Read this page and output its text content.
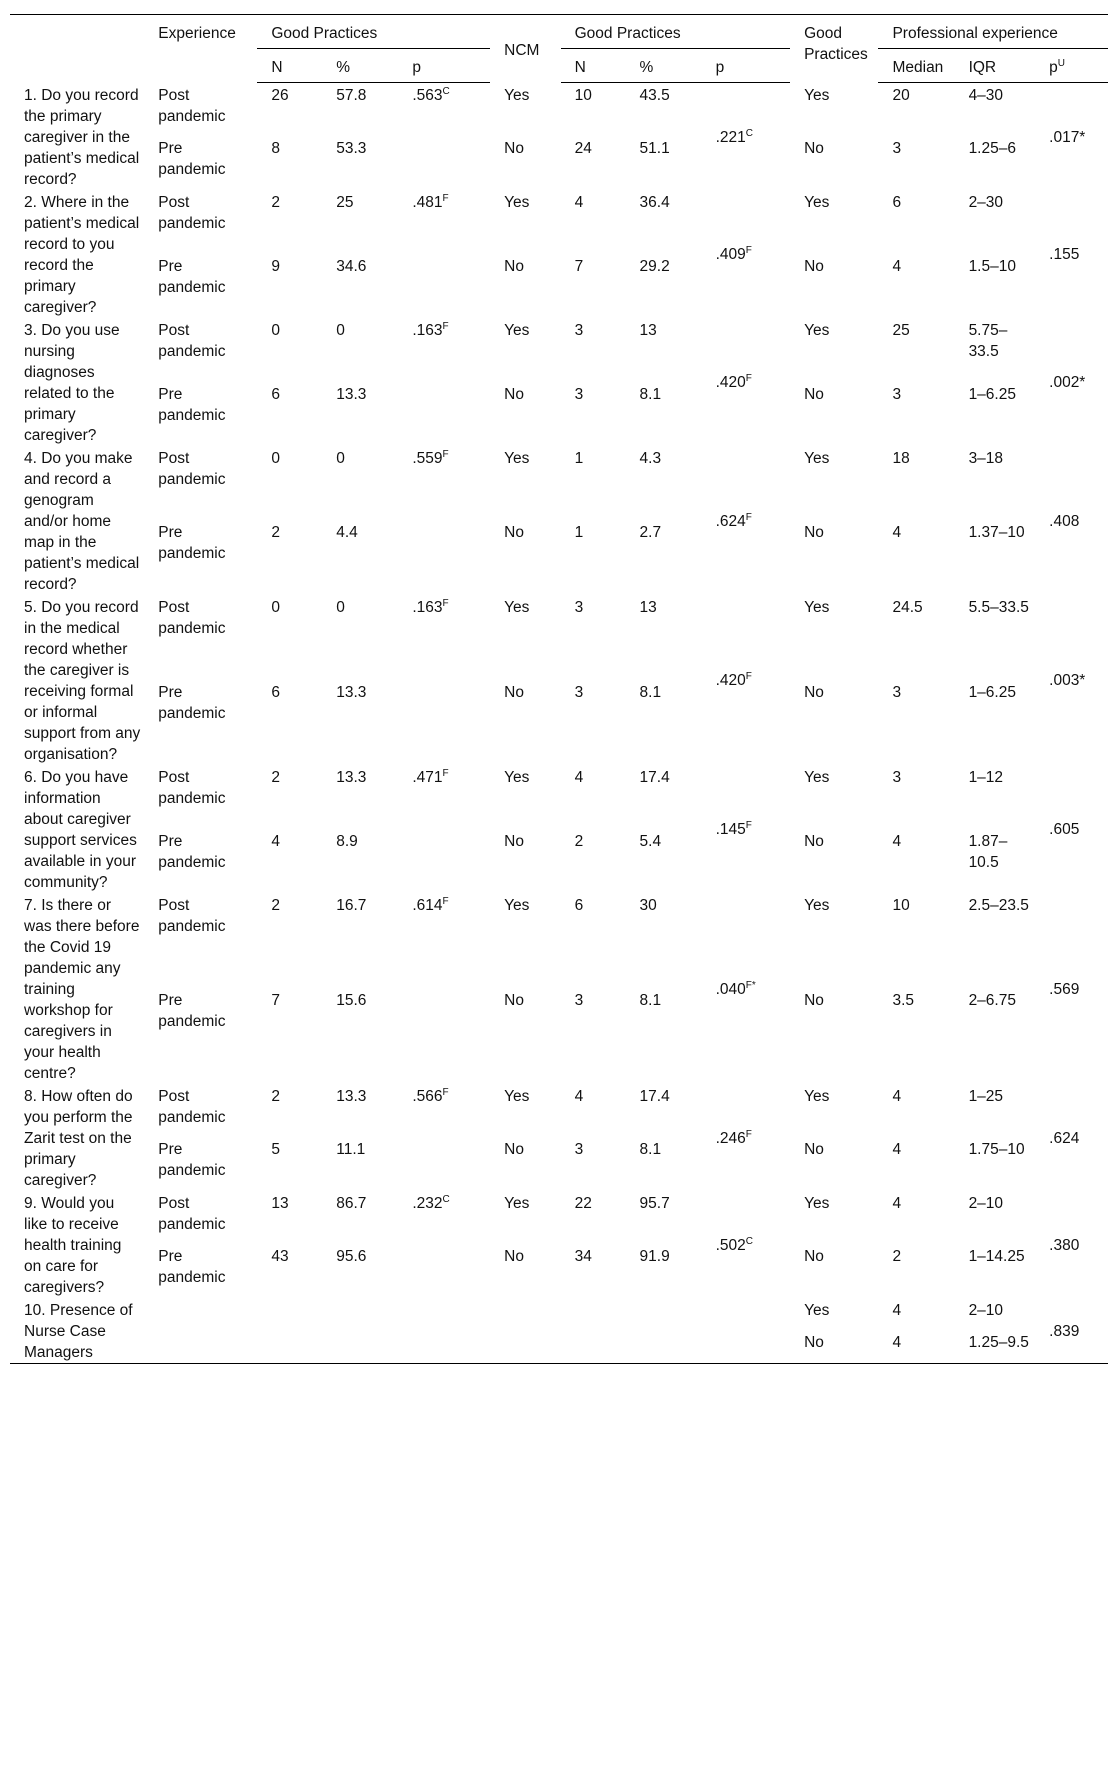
	Experience	Good Practices			NCM	Good Practices			Good
Practices	Professional experience		
		N	%	p		N	%	p		Median	IQR	$p^U$
1. Do you record the primary caregiver in the patient’s medical record?	Post pandemic	26	57.8	$.563^C$	Yes	10	43.5	$.221^C$	Yes	20	4–30	.017*
	Pre pandemic	8	53.3		No	24	51.1		No	3	1.25–6	
2. Where in the patient’s medical record to you record the primary caregiver?	Post pandemic	2	25	$.481^F$	Yes	4	36.4	$.409^F$	Yes	6	2–30	.155
	Pre pandemic	9	34.6		No	7	29.2		No	4	1.5–10	
3. Do you use nursing diagnoses related to the primary caregiver?	Post pandemic	0	0	$.163^F$	Yes	3	13	$.420^F$	Yes	25	5.75–33.5	.002*
	Pre pandemic	6	13.3		No	3	8.1		No	3	1–6.25	
4. Do you make and record a genogram and/or home map in the patient’s medical record?	Post pandemic	0	0	$.559^F$	Yes	1	4.3	$.624^F$	Yes	18	3–18	.408
	Pre pandemic	2	4.4		No	1	2.7		No	4	1.37–10	
5. Do you record in the medical record whether the caregiver is receiving formal or informal support from any organisation?	Post pandemic	0	0	$.163^F$	Yes	3	13	$.420^F$	Yes	24.5	5.5–33.5	.003*
	Pre pandemic	6	13.3		No	3	8.1		No	3	1–6.25	
6. Do you have information about caregiver support services available in your community?	Post pandemic	2	13.3	$.471^F$	Yes	4	17.4	$.145^F$	Yes	3	1–12	.605
	Pre pandemic	4	8.9		No	2	5.4		No	4	1.87–10.5	
7. Is there or was there before the Covid 19 pandemic any training workshop for caregivers in your health centre?	Post pandemic	2	16.7	$.614^F$	Yes	6	30	$.040^{F*}$	Yes	10	2.5–23.5	.569
	Pre pandemic	7	15.6		No	3	8.1		No	3.5	2–6.75	
8. How often do you perform the Zarit test on the primary caregiver?	Post pandemic	2	13.3	$.566^F$	Yes	4	17.4	$.246^F$	Yes	4	1–25	.624
	Pre pandemic	5	11.1		No	3	8.1		No	4	1.75–10	
9. Would you like to receive health training on care for caregivers?	Post pandemic	13	86.7	$.232^C$	Yes	22	95.7	$.502^C$	Yes	4	2–10	.380
	Pre pandemic	43	95.6		No	34	91.9		No	2	1–14.25	
10. Presence of Nurse Case Managers									Yes	4	2–10	.839
									No	4	1.25–9.5	
